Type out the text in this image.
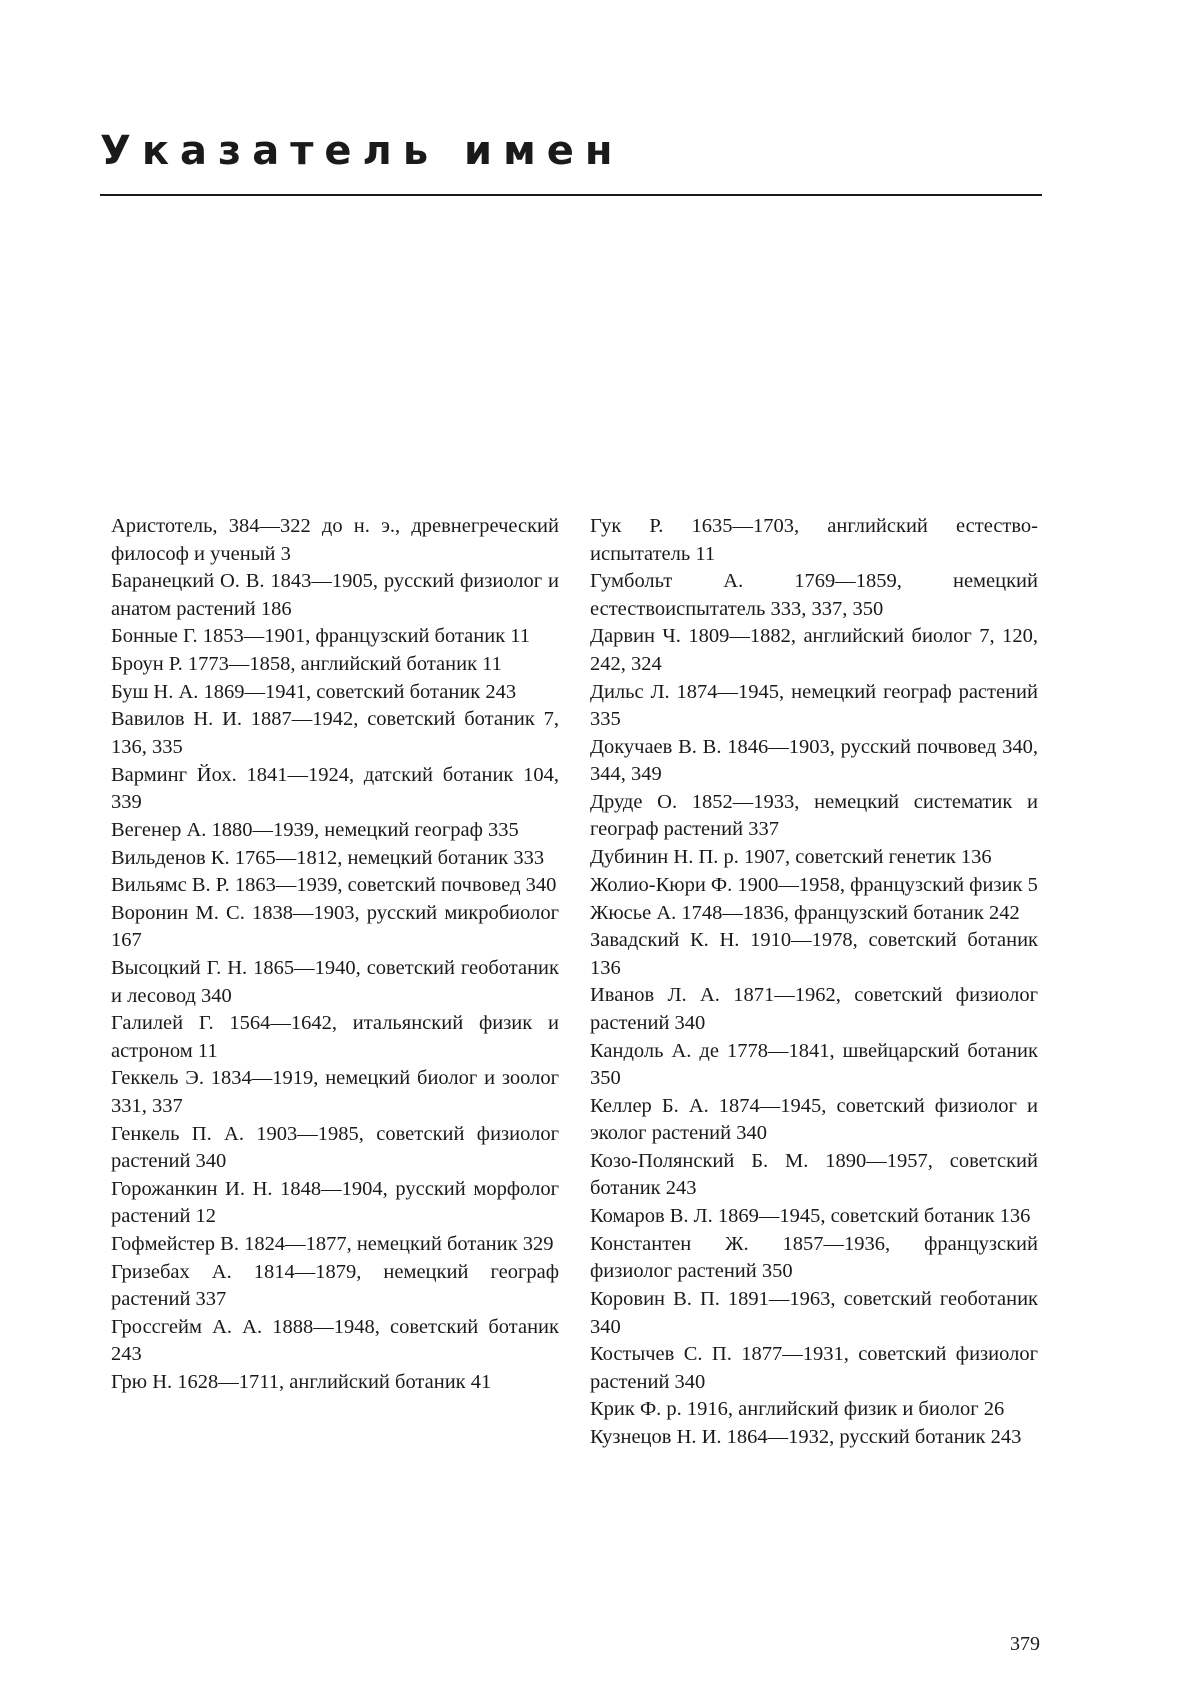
Указатель имен
Аристотель, 384—322 до н. э., древнегреческий философ и ученый 3
Баранецкий О. В. 1843—1905, русский физиолог и анатом растений 186
Бонные Г. 1853—1901, французский ботаник 11
Броун Р. 1773—1858, английский ботаник 11
Буш Н. А. 1869—1941, советский ботаник 243
Вавилов Н. И. 1887—1942, советский ботаник 7, 136, 335
Варминг Йох. 1841—1924, датский ботаник 104, 339
Вегенер А. 1880—1939, немецкий географ 335
Вильденов К. 1765—1812, немецкий ботаник 333
Вильямс В. Р. 1863—1939, советский почвовед 340
Воронин М. С. 1838—1903, русский микробиолог 167
Высоцкий Г. Н. 1865—1940, советский геоботаник и лесовод 340
Галилей Г. 1564—1642, итальянский физик и астроном 11
Геккель Э. 1834—1919, немецкий биолог и зоолог 331, 337
Генкель П. А. 1903—1985, советский физиолог растений 340
Горожанкин И. Н. 1848—1904, русский морфолог растений 12
Гофмейстер В. 1824—1877, немецкий ботаник 329
Гризебах А. 1814—1879, немецкий географ растений 337
Гроссгейм А. А. 1888—1948, советский ботаник 243
Грю Н. 1628—1711, английский ботаник 41
Гук Р. 1635—1703, английский естествоиспытатель 11
Гумбольт А. 1769—1859, немецкий естествоиспытатель 333, 337, 350
Дарвин Ч. 1809—1882, английский биолог 7, 120, 242, 324
Дильс Л. 1874—1945, немецкий географ растений 335
Докучаев В. В. 1846—1903, русский почвовед 340, 344, 349
Друде О. 1852—1933, немецкий систематик и географ растений 337
Дубинин Н. П. р. 1907, советский генетик 136
Жолио-Кюри Ф. 1900—1958, французский физик 5
Жюсье А. 1748—1836, французский ботаник 242
Завадский К. Н. 1910—1978, советский ботаник 136
Иванов Л. А. 1871—1962, советский физиолог растений 340
Кандоль А. де 1778—1841, швейцарский ботаник 350
Келлер Б. А. 1874—1945, советский физиолог и эколог растений 340
Козо-Полянский Б. М. 1890—1957, советский ботаник 243
Комаров В. Л. 1869—1945, советский ботаник 136
Константен Ж. 1857—1936, французский физиолог растений 350
Коровин В. П. 1891—1963, советский геоботаник 340
Костычев С. П. 1877—1931, советский физиолог растений 340
Крик Ф. р. 1916, английский физик и биолог 26
Кузнецов Н. И. 1864—1932, русский ботаник 243
379
